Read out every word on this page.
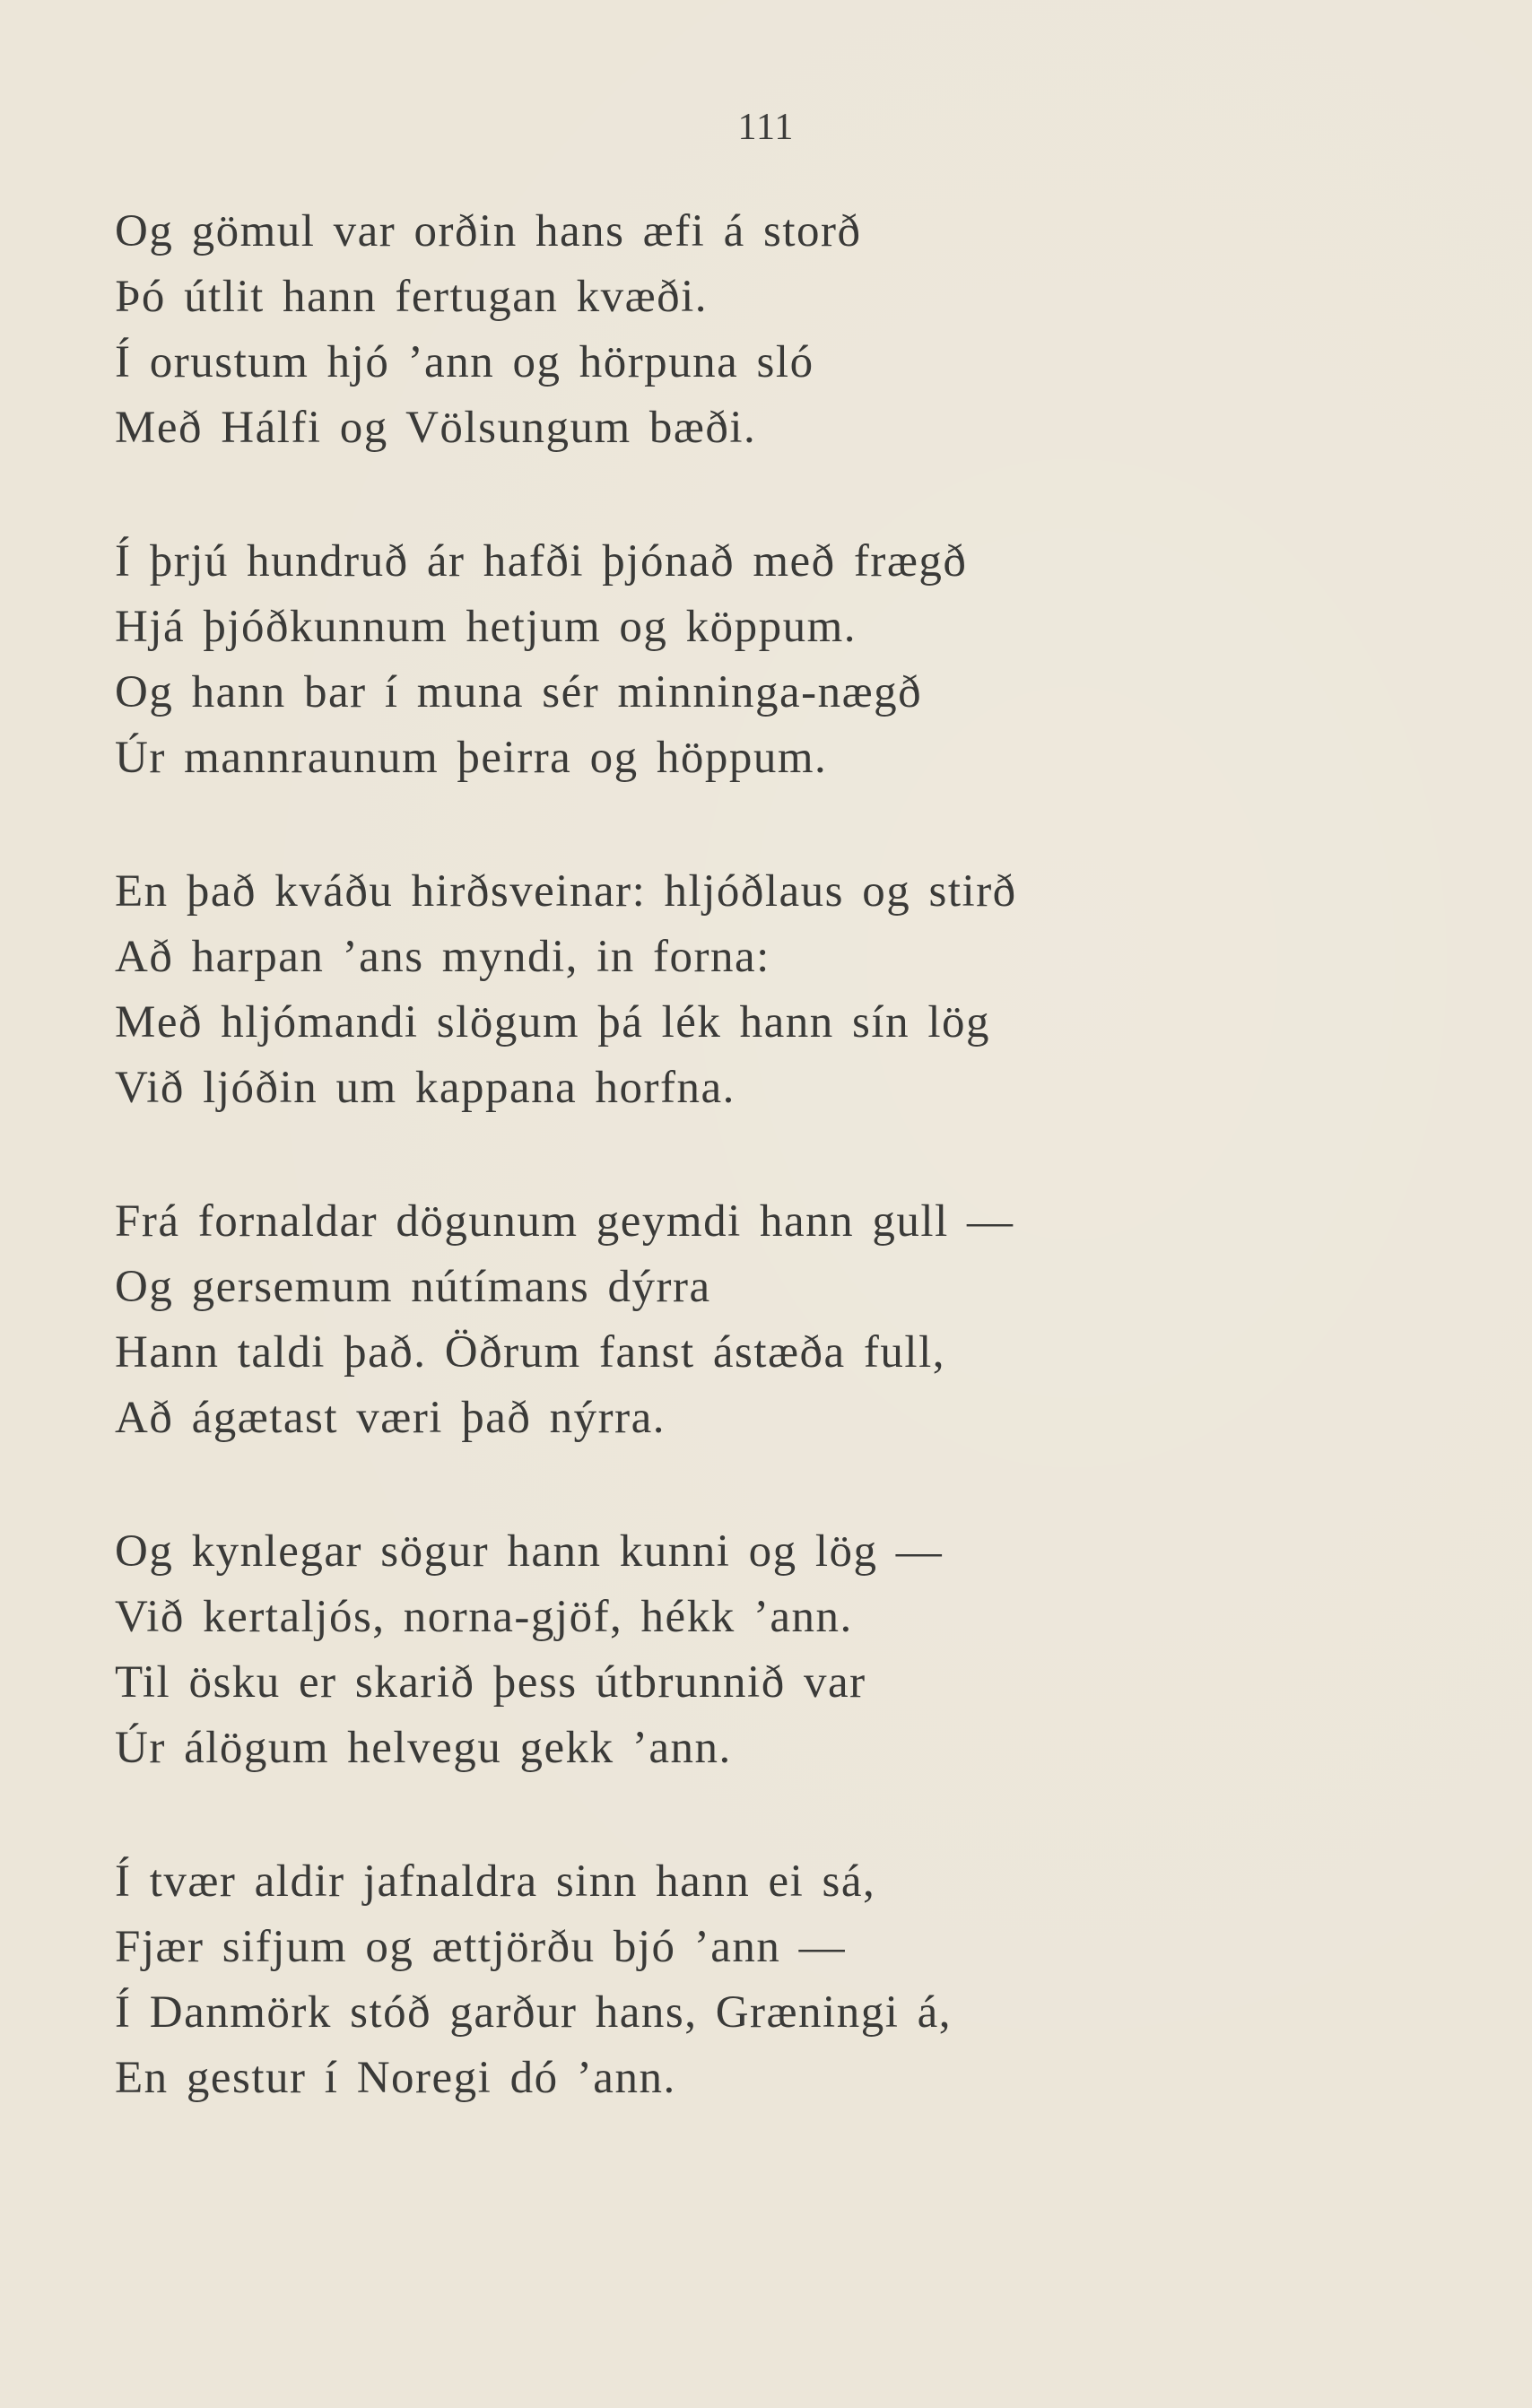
111
Og gömul var orðin hans æfi á storð
Þó útlit hann fertugan kvæði.
Í orustum hjó ’ann og hörpuna sló
Með Hálfi og Völsungum bæði.
Í þrjú hundruð ár hafði þjónað með frægð
Hjá þjóðkunnum hetjum og köppum.
Og hann bar í muna sér minninga-nægð
Úr mannraunum þeirra og höppum.
En það kváðu hirðsveinar: hljóðlaus og stirð
Að harpan ’ans myndi, in forna:
Með hljómandi slögum þá lék hann sín lög
Við ljóðin um kappana horfna.
Frá fornaldar dögunum geymdi hann gull —
Og gersemum nútímans dýrra
Hann taldi það. Öðrum fanst ástæða full,
Að ágætast væri það nýrra.
Og kynlegar sögur hann kunni og lög —
Við kertaljós, norna-gjöf, hékk ’ann.
Til ösku er skarið þess útbrunnið var
Úr álögum helvegu gekk ’ann.
Í tvær aldir jafnaldra sinn hann ei sá,
Fjær sifjum og ættjörðu bjó ’ann —
Í Danmörk stóð garður hans, Græningi á,
En gestur í Noregi dó ’ann.
